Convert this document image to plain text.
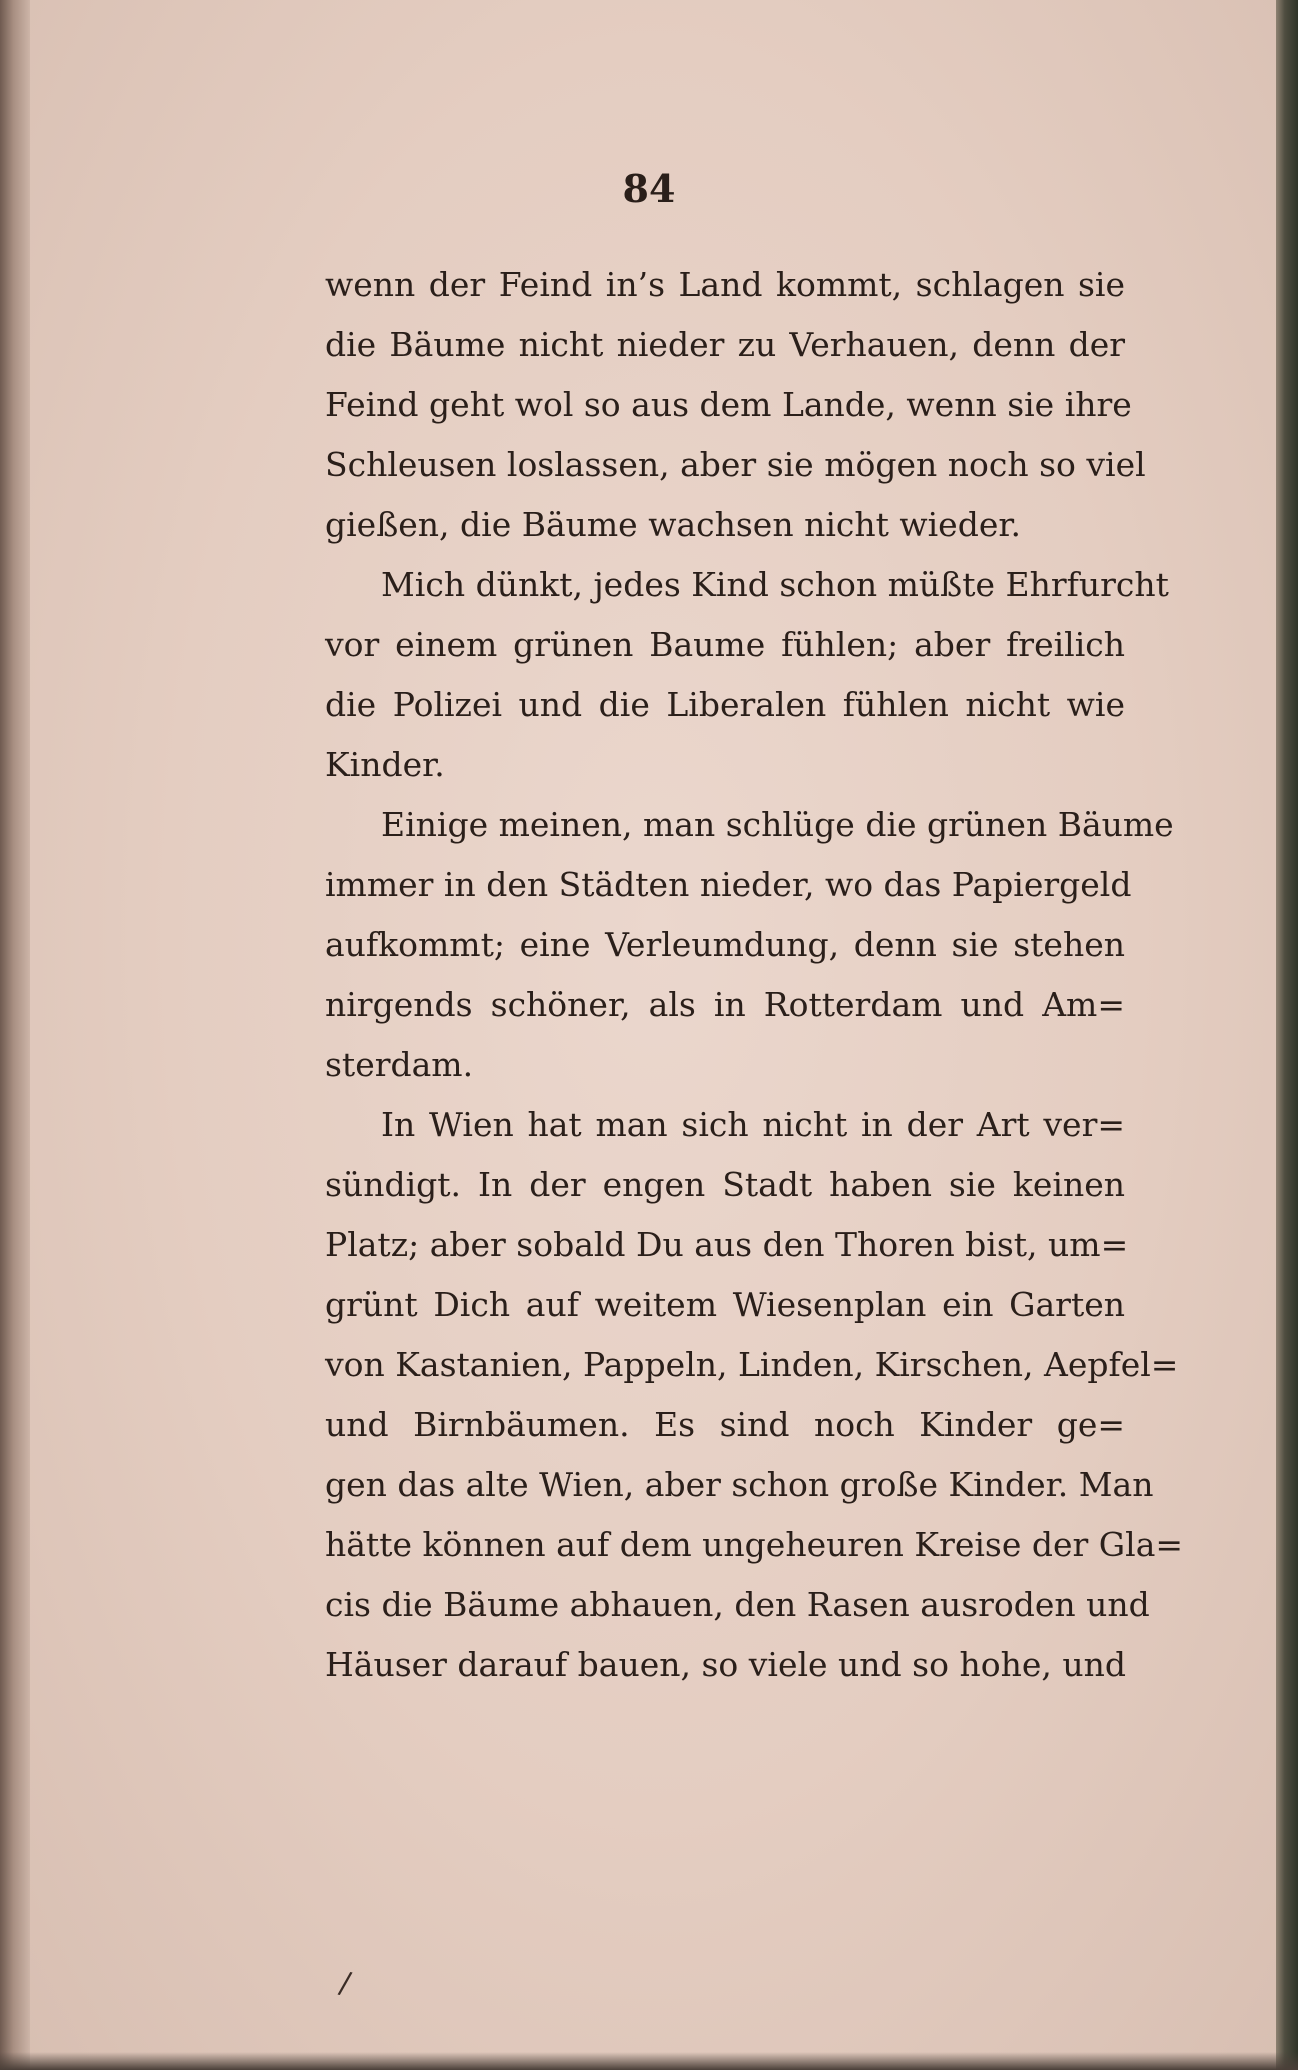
84
wenn der Feind in’s Land kommt, schlagen sie
die Bäume nicht nieder zu Verhauen, denn der
Feind geht wol so aus dem Lande, wenn sie ihre
Schleusen loslassen, aber sie mögen noch so viel
gießen, die Bäume wachsen nicht wieder.
Mich dünkt, jedes Kind schon müßte Ehrfurcht
vor einem grünen Baume fühlen; aber freilich
die Polizei und die Liberalen fühlen nicht wie
Kinder.
Einige meinen, man schlüge die grünen Bäume
immer in den Städten nieder, wo das Papiergeld
aufkommt; eine Verleumdung, denn sie stehen
nirgends schöner, als in Rotterdam und Am=
sterdam.
In Wien hat man sich nicht in der Art ver=
sündigt. In der engen Stadt haben sie keinen
Platz; aber sobald Du aus den Thoren bist, um=
grünt Dich auf weitem Wiesenplan ein Garten
von Kastanien, Pappeln, Linden, Kirschen, Aepfel=
und Birnbäumen. Es sind noch Kinder ge=
gen das alte Wien, aber schon große Kinder. Man
hätte können auf dem ungeheuren Kreise der Gla=
cis die Bäume abhauen, den Rasen ausroden und
Häuser darauf bauen, so viele und so hohe, und
/
